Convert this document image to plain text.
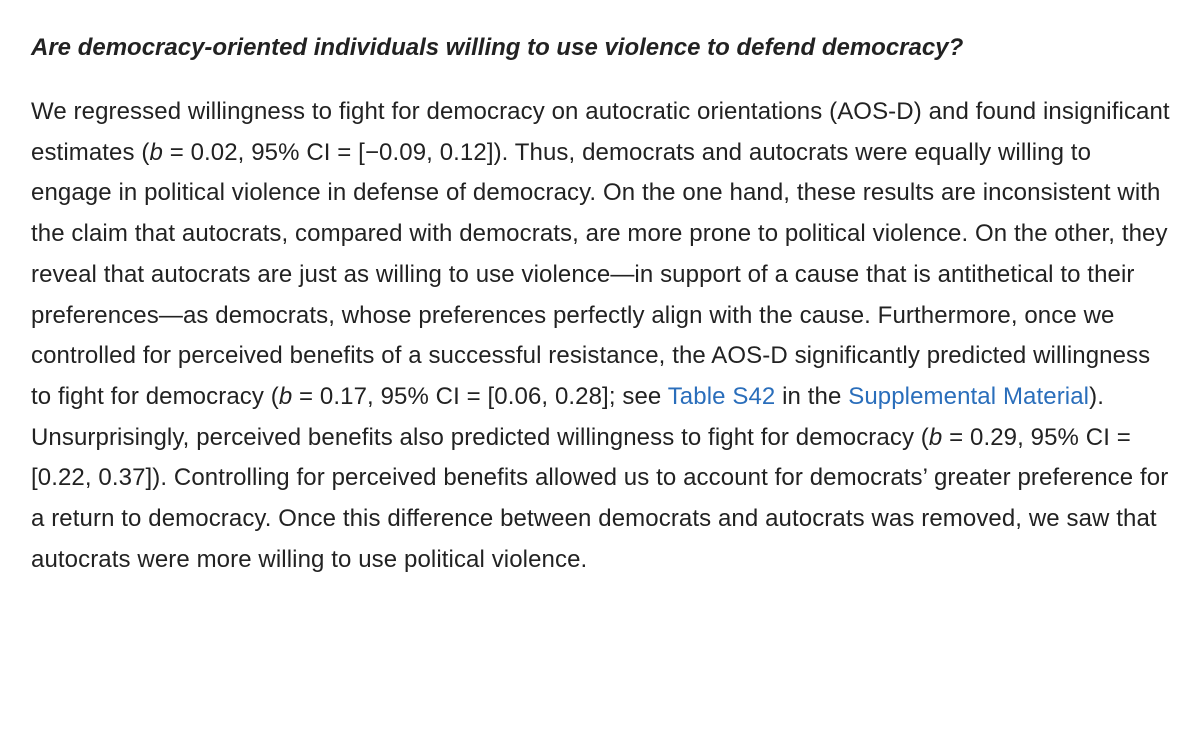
Are democracy-oriented individuals willing to use violence to defend democracy?

We regressed willingness to fight for democracy on autocratic orientations (AOS-D) and found insignificant estimates (b = 0.02, 95% CI = [−0.09, 0.12]). Thus, democrats and autocrats were equally willing to engage in political violence in defense of democracy. On the one hand, these results are inconsistent with the claim that autocrats, compared with democrats, are more prone to political violence. On the other, they reveal that autocrats are just as willing to use violence—in support of a cause that is antithetical to their preferences—as democrats, whose preferences perfectly align with the cause. Furthermore, once we controlled for perceived benefits of a successful resistance, the AOS-D significantly predicted willingness to fight for democracy (b = 0.17, 95% CI = [0.06, 0.28]; see Table S42 in the Supplemental Material). Unsurprisingly, perceived benefits also predicted willingness to fight for democracy (b = 0.29, 95% CI = [0.22, 0.37]). Controlling for perceived benefits allowed us to account for democrats’ greater preference for a return to democracy. Once this difference between democrats and autocrats was removed, we saw that autocrats were more willing to use political violence.
